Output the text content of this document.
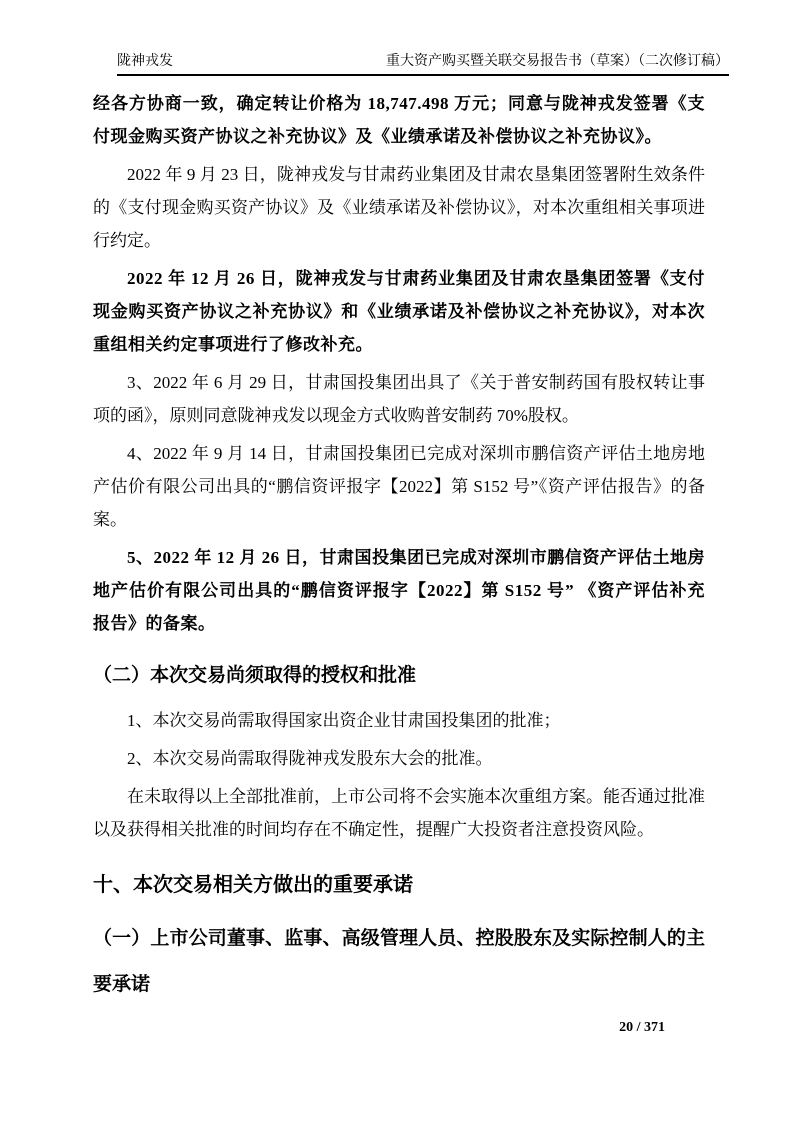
陇神戎发	重大资产购买暨关联交易报告书（草案）（二次修订稿）

经各方协商一致，确定转让价格为 18,747.498 万元；同意与陇神戎发签署《支付现金购买资产协议之补充协议》及《业绩承诺及补偿协议之补充协议》。

2022 年 9 月 23 日，陇神戎发与甘肃药业集团及甘肃农垦集团签署附生效条件的《支付现金购买资产协议》及《业绩承诺及补偿协议》，对本次重组相关事项进行约定。

2022 年 12 月 26 日，陇神戎发与甘肃药业集团及甘肃农垦集团签署《支付现金购买资产协议之补充协议》和《业绩承诺及补偿协议之补充协议》，对本次重组相关约定事项进行了修改补充。

3、2022 年 6 月 29 日，甘肃国投集团出具了《关于普安制药国有股权转让事项的函》，原则同意陇神戎发以现金方式收购普安制药 70%股权。

4、2022 年 9 月 14 日，甘肃国投集团已完成对深圳市鹏信资产评估土地房地产估价有限公司出具的“鹏信资评报字【2022】第 S152 号”《资产评估报告》的备案。

5、2022 年 12 月 26 日，甘肃国投集团已完成对深圳市鹏信资产评估土地房地产估价有限公司出具的“鹏信资评报字【2022】第 S152 号” 《资产评估补充报告》的备案。

（二）本次交易尚须取得的授权和批准

1、本次交易尚需取得国家出资企业甘肃国投集团的批准；

2、本次交易尚需取得陇神戎发股东大会的批准。

在未取得以上全部批准前，上市公司将不会实施本次重组方案。能否通过批准以及获得相关批准的时间均存在不确定性，提醒广大投资者注意投资风险。

十、本次交易相关方做出的重要承诺
（一）上市公司董事、监事、高级管理人员、控股股东及实际控制人的主要承诺
20 / 371
